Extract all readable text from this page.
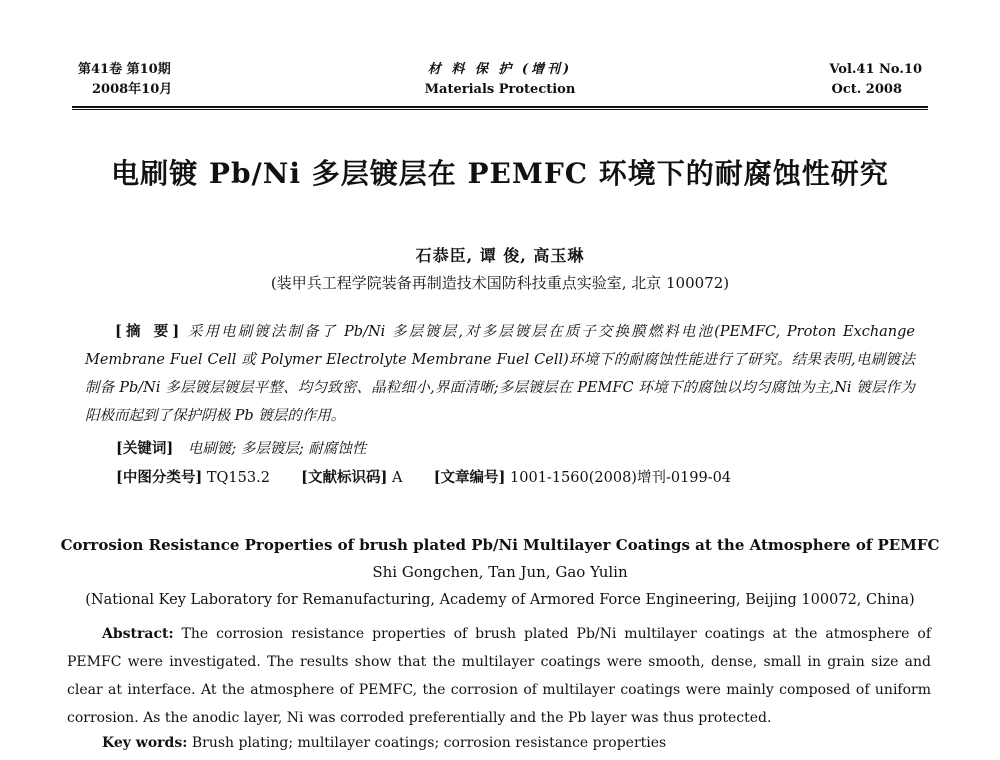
第41卷 第10期
2008年10月
材 料 保 护 (增刊)
Materials Protection
Vol.41 No.10
Oct. 2008
电刷镀 Pb/Ni 多层镀层在 PEMFC 环境下的耐腐蚀性研究
石恭臣, 谭 俊, 高玉琳
(装甲兵工程学院装备再制造技术国防科技重点实验室, 北京 100072)
[摘 要] 采用电刷镀法制备了 Pb/Ni 多层镀层,对多层镀层在质子交换膜燃料电池(PEMFC, Proton Exchange Membrane Fuel Cell 或 Polymer Electrolyte Membrane Fuel Cell)环境下的耐腐蚀性能进行了研究。结果表明,电刷镀法制备 Pb/Ni 多层镀层镀层平整、均匀致密、晶粒细小,界面清晰;多层镀层在 PEMFC 环境下的腐蚀以均匀腐蚀为主,Ni 镀层作为阳极而起到了保护阴极 Pb 镀层的作用。
[关键词] 电刷镀; 多层镀层; 耐腐蚀性
[中图分类号] TQ153.2 [文献标识码] A [文章编号] 1001-1560(2008)增刊-0199-04
Corrosion Resistance Properties of brush plated Pb/Ni Multilayer Coatings at the Atmosphere of PEMFC
Shi Gongchen, Tan Jun, Gao Yulin
(National Key Laboratory for Remanufacturing, Academy of Armored Force Engineering, Beijing 100072, China)
Abstract: The corrosion resistance properties of brush plated Pb/Ni multilayer coatings at the atmosphere of PEMFC were investigated. The results show that the multilayer coatings were smooth, dense, small in grain size and clear at interface. At the atmosphere of PEMFC, the corrosion of multilayer coatings were mainly composed of uniform corrosion. As the anodic layer, Ni was corroded preferentially and the Pb layer was thus protected.
Key words: Brush plating; multilayer coatings; corrosion resistance properties
